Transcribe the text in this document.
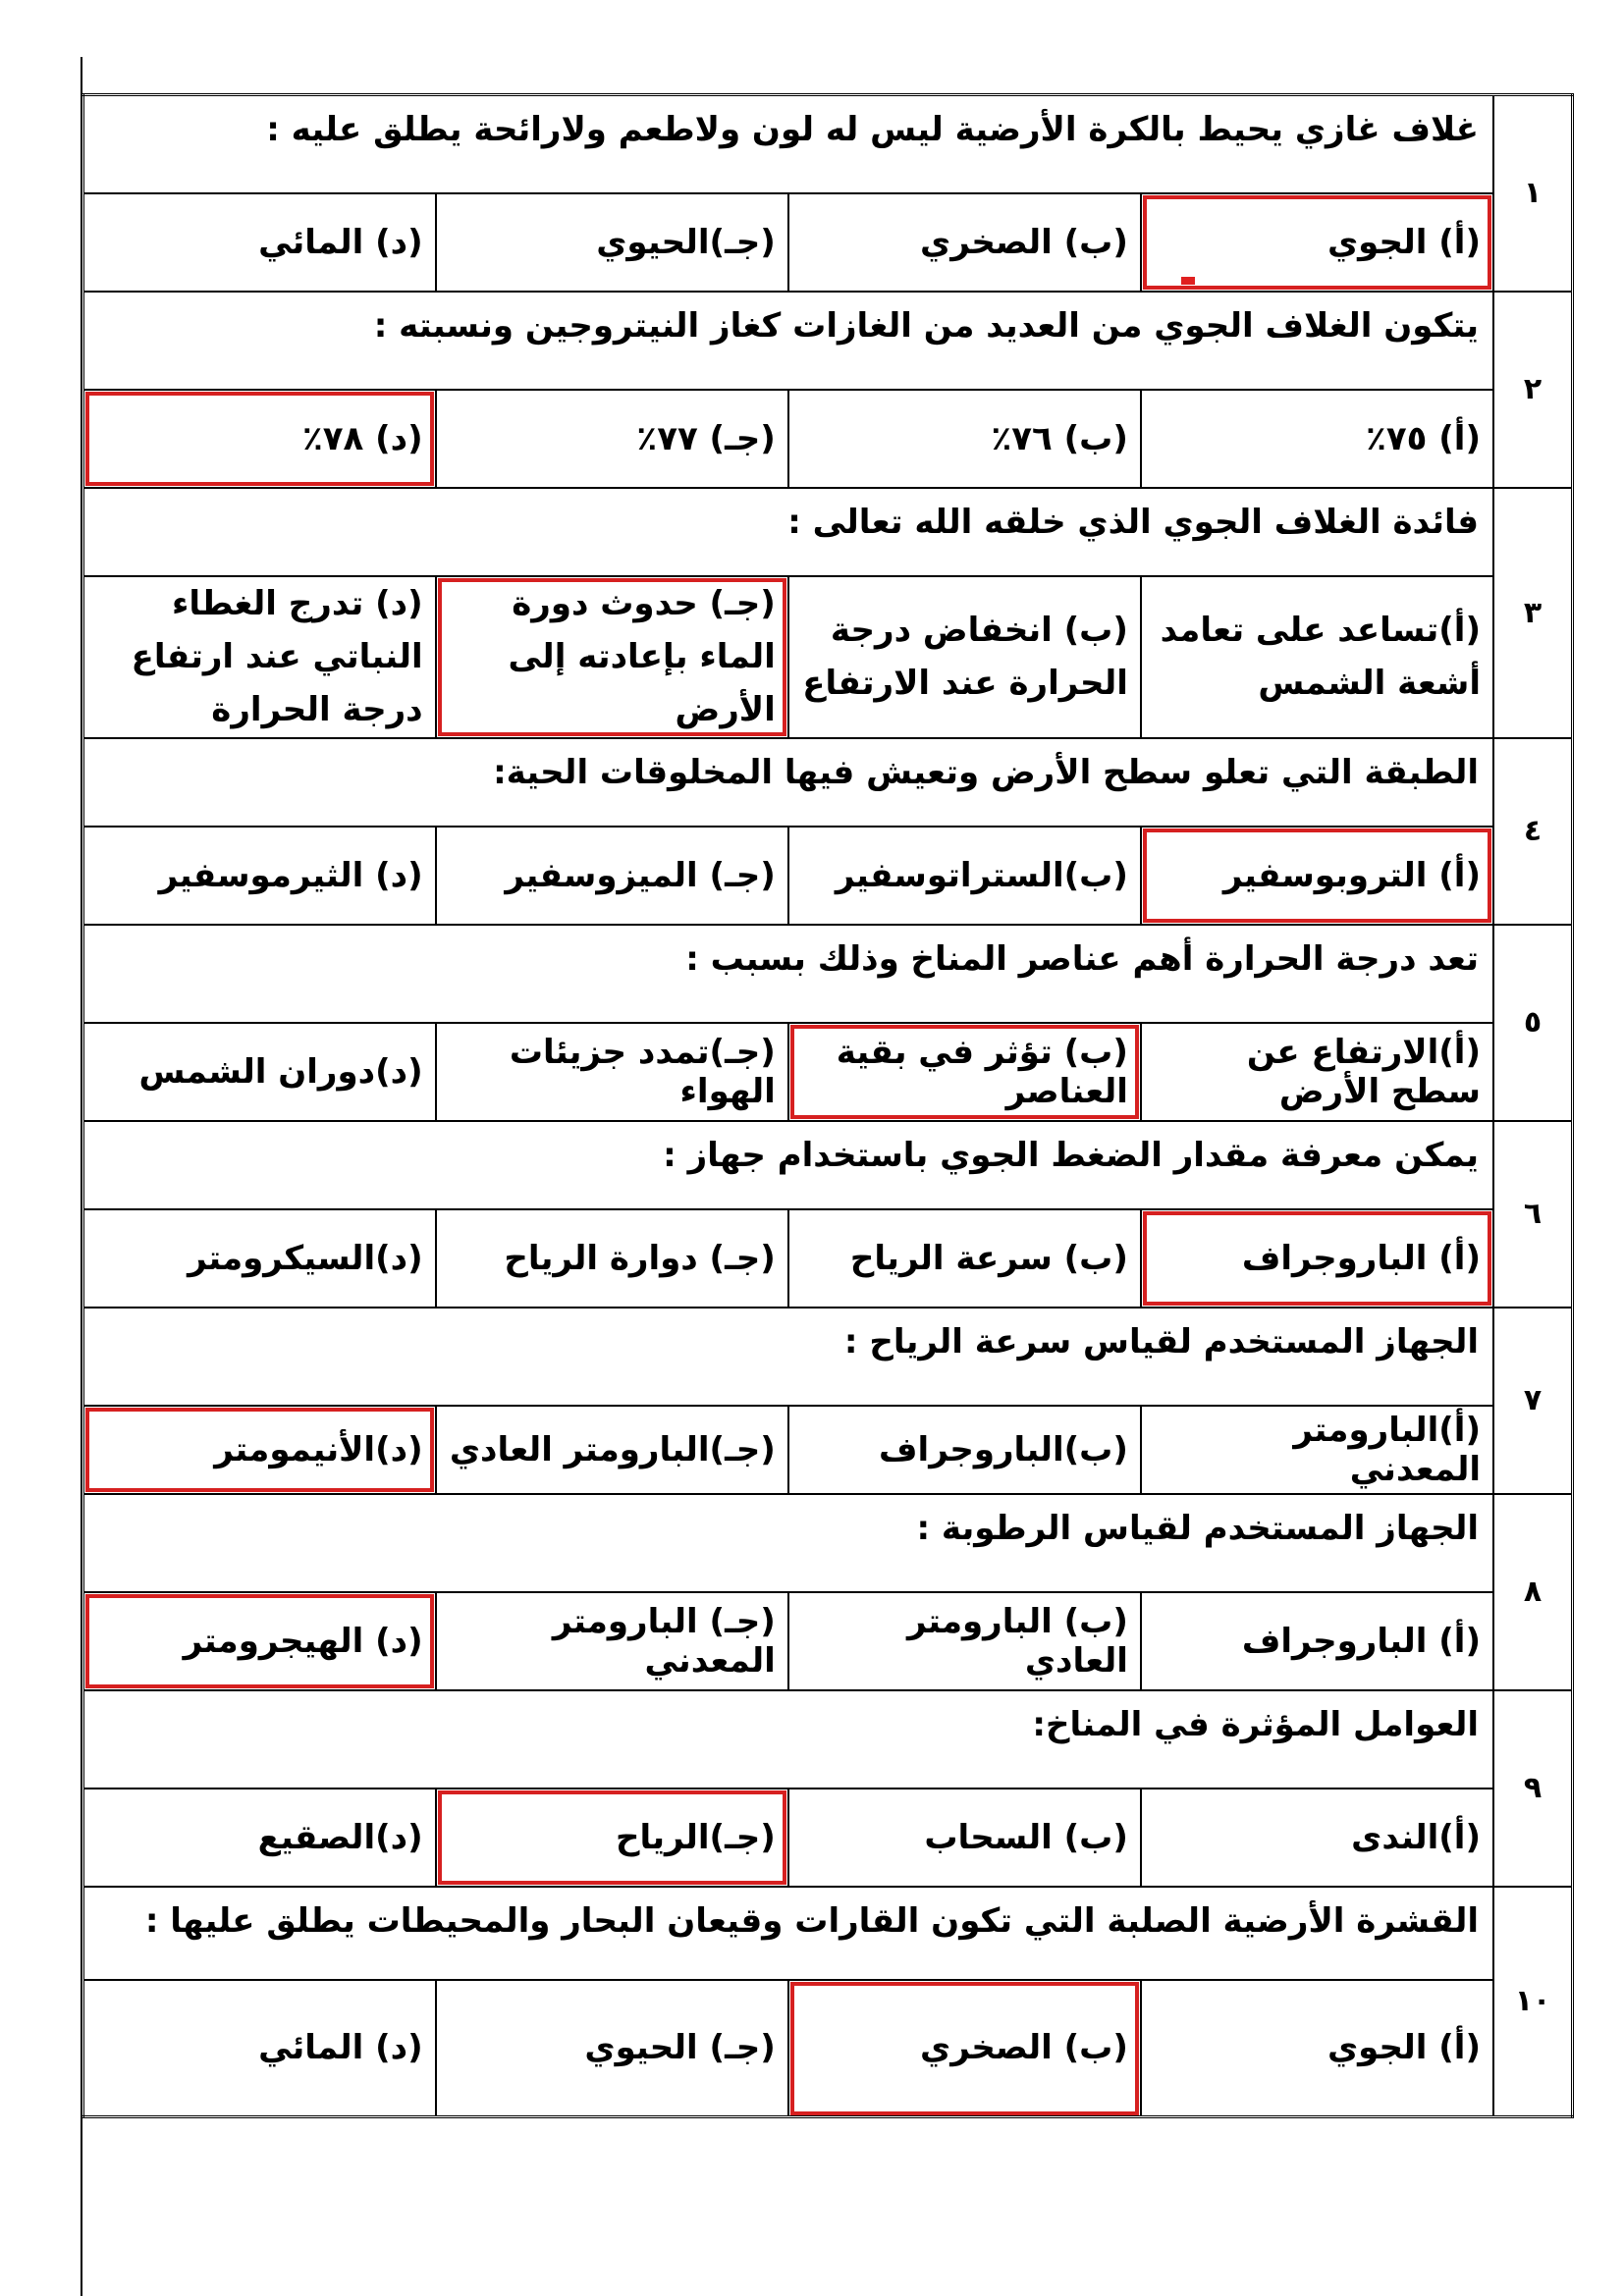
١	غلاف غازي يحيط بالكرة الأرضية ليس له لون ولاطعم ولارائحة يطلق عليه :			
	(أ) الجوي	(ب) الصخري	(جـ)الحيوي	(د) المائي
٢	يتكون الغلاف الجوي من العديد من الغازات كغاز النيتروجين ونسبته :			
	(أ) ٧٥٪	(ب) ٧٦٪	(جـ) ٧٧٪	(د) ٧٨٪
٣	فائدة الغلاف الجوي الذي خلقه الله تعالى :			
	(أ)تساعد على تعامد أشعة الشمس	(ب) انخفاض درجة الحرارة عند الارتفاع	(جـ) حدوث دورة الماء بإعادته إلى الأرض	(د) تدرج الغطاء النباتي عند ارتفاع درجة الحرارة
٤	الطبقة التي تعلو سطح الأرض وتعيش فيها المخلوقات الحية:			
	(أ) التروبوسفير	(ب)الستراتوسفير	(جـ) الميزوسفير	(د) الثيرموسفير
٥	تعد درجة الحرارة أهم عناصر المناخ وذلك بسبب :			
	(أ)الارتفاع عن سطح الأرض	(ب) تؤثر في بقية العناصر	(جـ)تمدد جزيئات الهواء	(د)دوران الشمس
٦	يمكن معرفة مقدار الضغط الجوي باستخدام جهاز :			
	(أ) الباروجراف	(ب) سرعة الرياح	(جـ) دوارة الرياح	(د)السيكرومتر
٧	الجهاز المستخدم لقياس سرعة الرياح :			
	(أ)البارومتر المعدني	(ب)الباروجراف	(جـ)البارومتر العادي	(د)الأنيمومتر
٨	الجهاز المستخدم لقياس الرطوبة :			
	(أ) الباروجراف	(ب) البارومتر العادي	(جـ) البارومتر المعدني	(د) الهيجرومتر
٩	العوامل المؤثرة في المناخ:			
	(أ)الندى	(ب) السحاب	(جـ)الرياح	(د)الصقيع
١٠	القشرة الأرضية الصلبة التي تكون القارات وقيعان البحار والمحيطات يطلق عليها :			
	(أ) الجوي	(ب) الصخري	(جـ) الحيوي	(د) المائي
